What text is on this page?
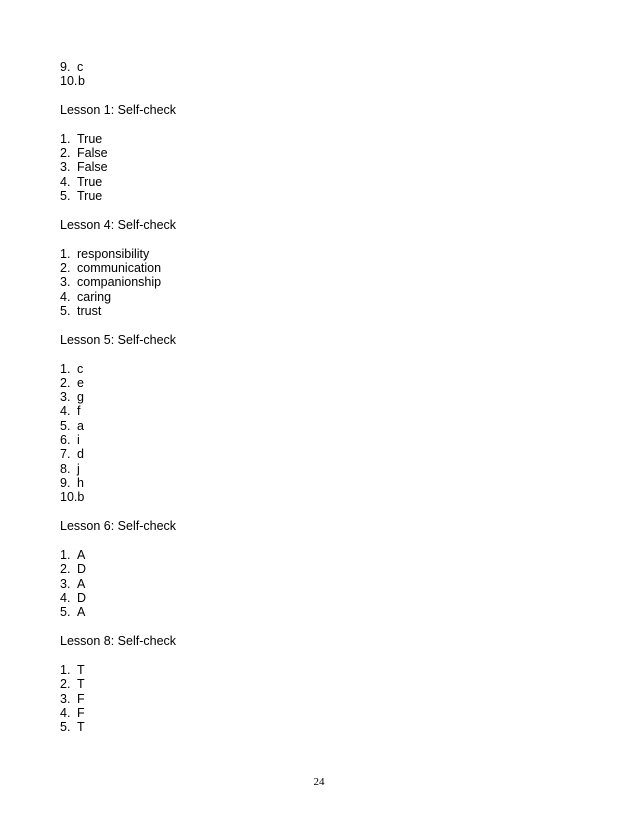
9. c
10.b
Lesson 1: Self-check
1. True
2. False
3. False
4. True
5. True
Lesson 4: Self-check
1. responsibility
2. communication
3. companionship
4. caring
5. trust
Lesson 5: Self-check
1. c
2. e
3. g
4. f
5. a
6. i
7. d
8. j
9. h
10.b
Lesson 6: Self-check
1. A
2. D
3. A
4. D
5. A
Lesson 8: Self-check
1. T
2. T
3. F
4. F
5. T
24
